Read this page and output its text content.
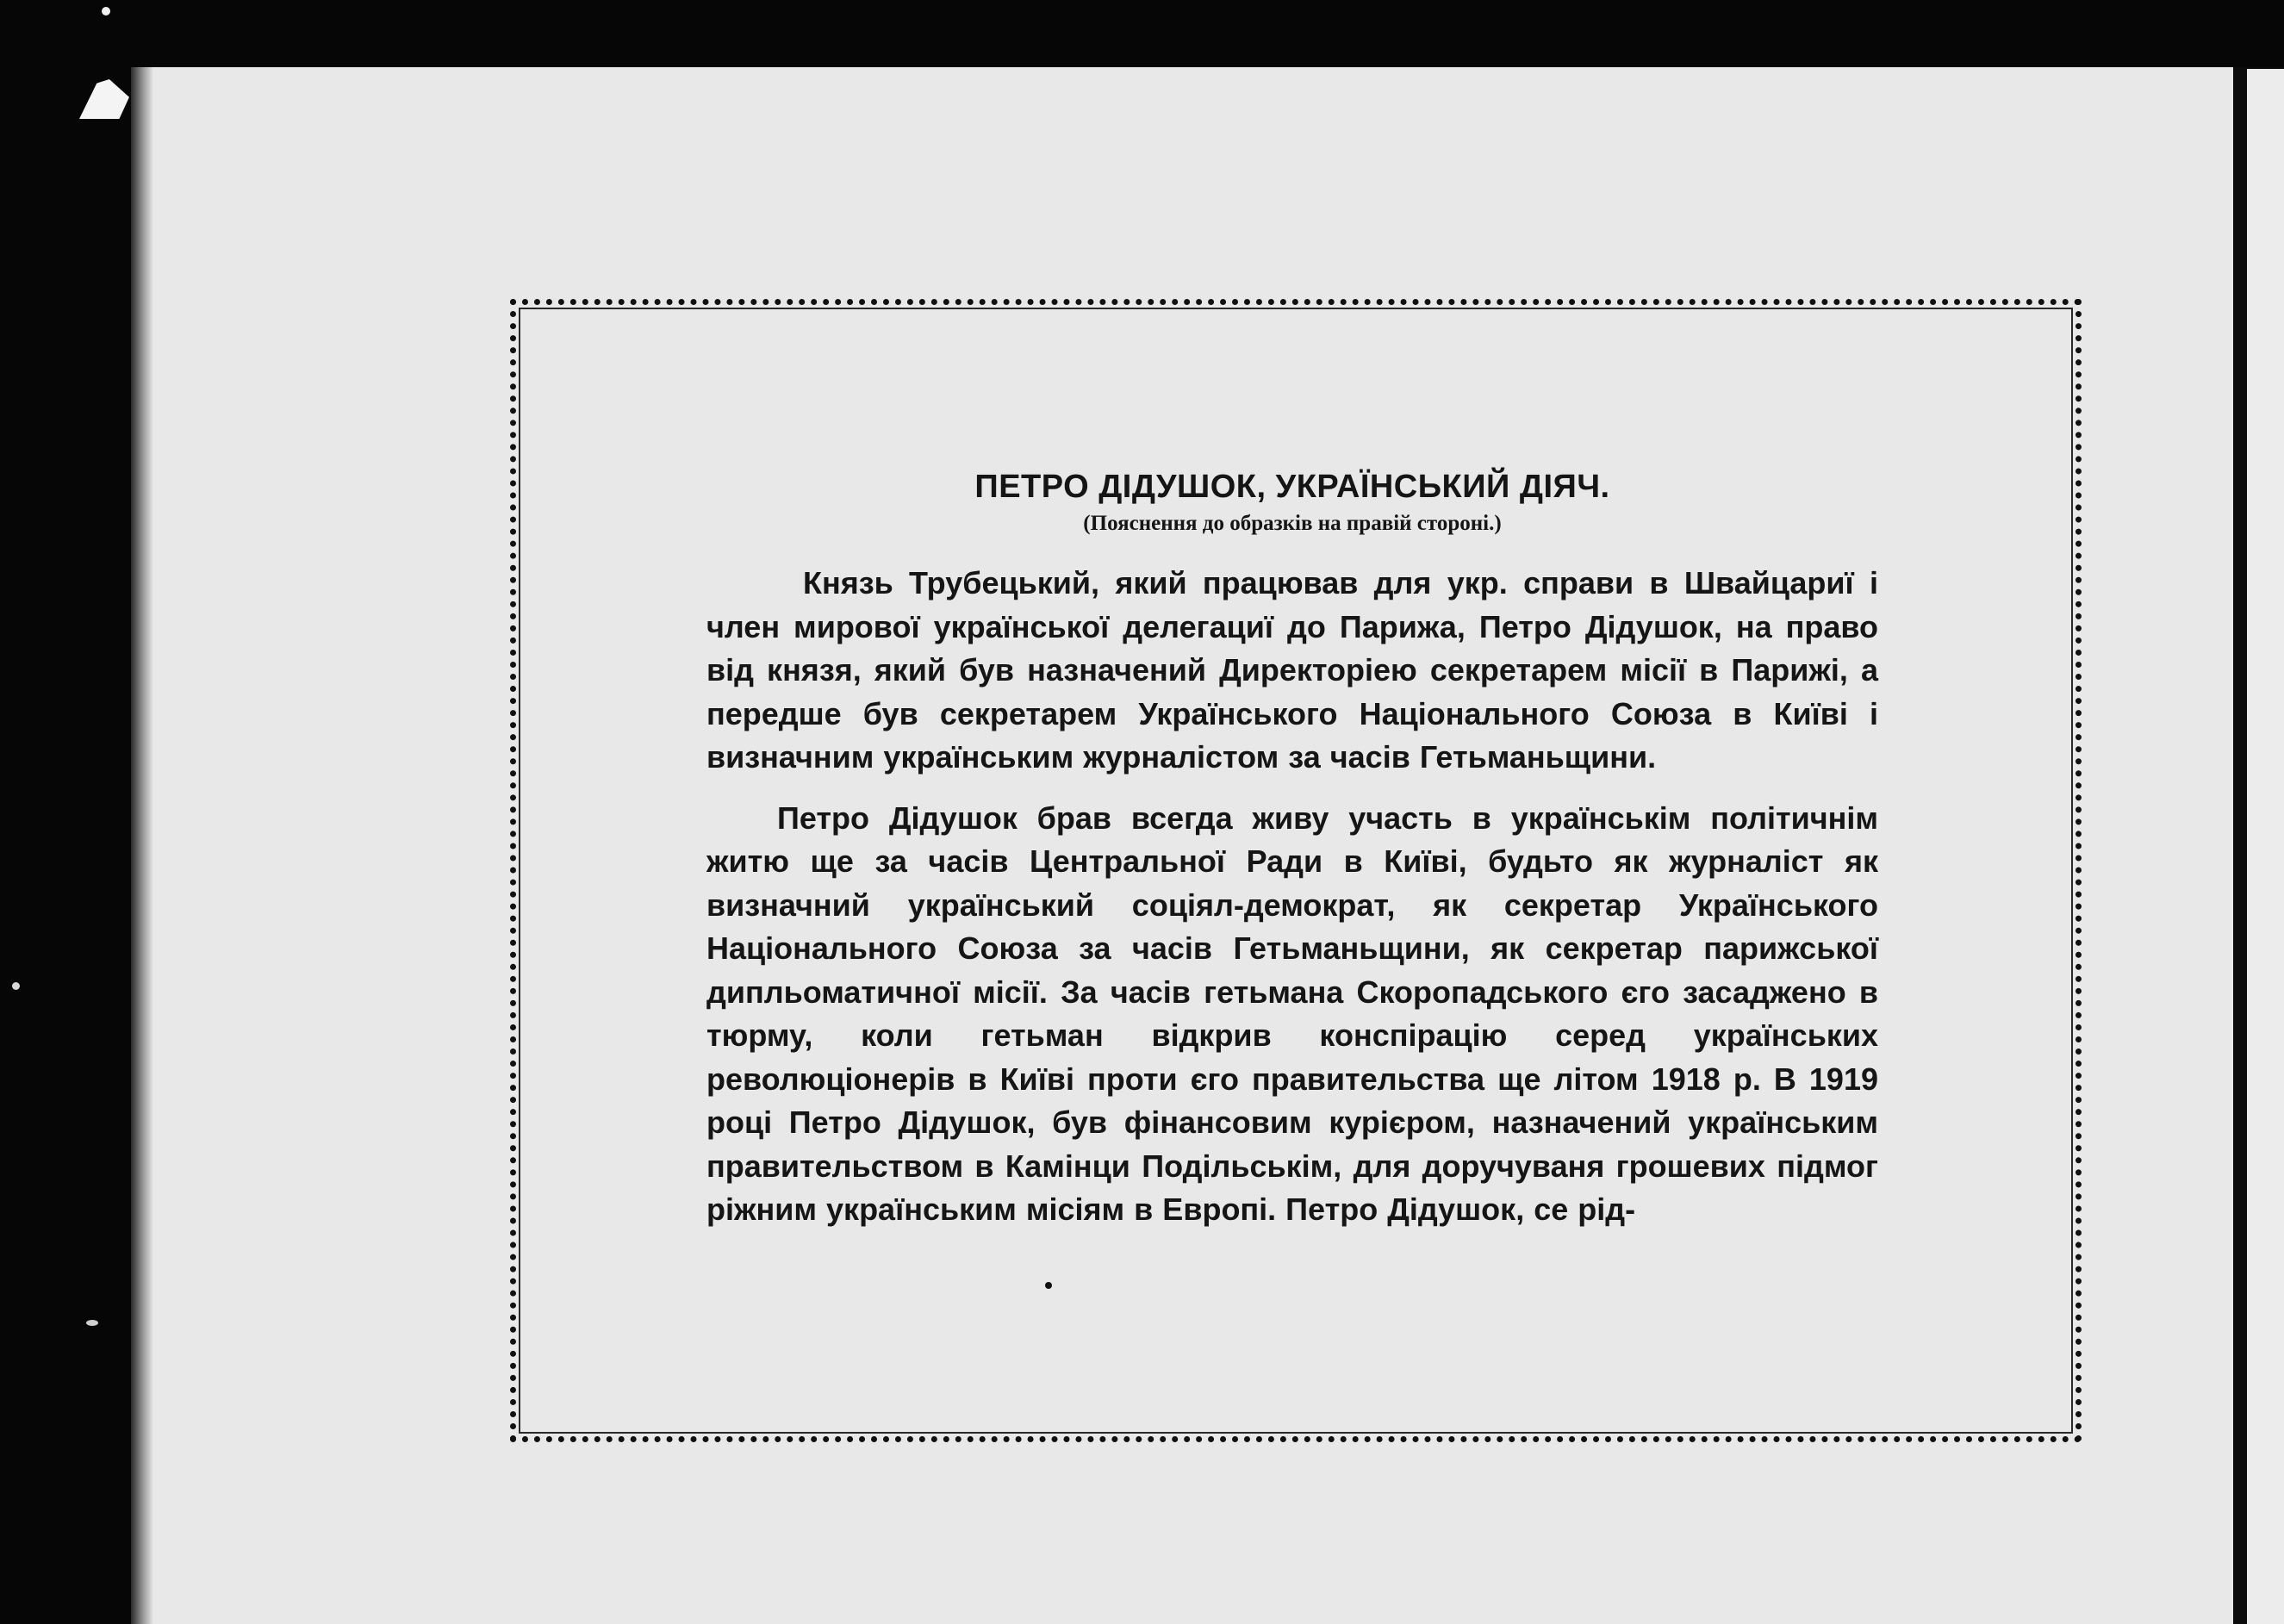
ПЕТРО ДІДУШОК, УКРАЇНСЬКИЙ ДІЯЧ.

(Пояснення до образків на правій стороні.)

Князь Трубецький, який працював для укр. справи в Швайцариї і член мирової української делегациї до Парижа, Петро Дідушок, на право від князя, який був назначений Директоріею секретарем місії в Парижі, а передше був секретарем Українського Національного Союза в Київі і визначним українським журналістом за часів Гетьманьщини.

Петро Дідушок брав всегда живу участь в українськім політичнім житю ще за часів Центральної Ради в Київі, будьто як журналіст як визначний український соціял-демократ, як секретар Українського Національного Союза за часів Гетьманьщини, як секретар парижської дипльоматичної місії. За часів гетьмана Скоропадського єго засаджено в тюрму, коли гетьман відкрив конспірацію серед українських революціонерів в Київі проти єго правительства ще літом 1918 р. В 1919 році Петро Дідушок, був фінансовим курієром, назначений українським правительством в Камінци Подільськім, для доручуваня грошевих підмог ріжним українським місіям в Европі. Петро Дідушок, се рід-
